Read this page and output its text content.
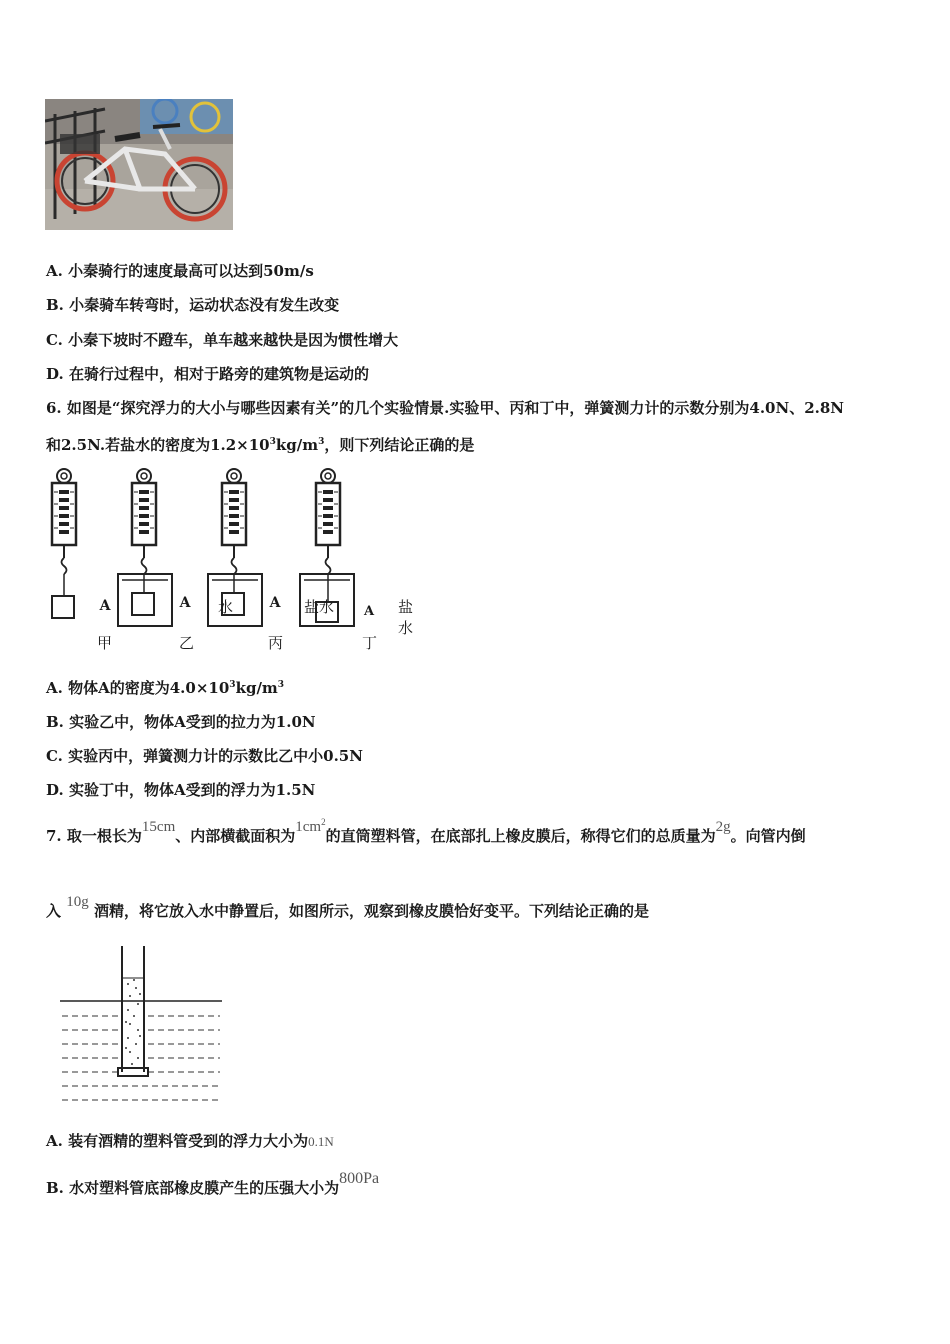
A. 小秦骑行的速度最高可以达到50m/s
B. 小秦骑车转弯时，运动状态没有发生改变
C. 小秦下坡时不蹬车，单车越来越快是因为惯性增大
D. 在骑行过程中，相对于路旁的建筑物是运动的
6. 如图是“探究浮力的大小与哪些因素有关”的几个实验情景.实验甲、丙和丁中，弹簧测力计的示数分别为4.0N、2.8N
和2.5N.若盐水的密度为$1.2\times 10^3kg/m^3$，则下列结论正确的是
A	A	A
A
水	盐水	盐水
甲	乙	丙	丁
A. 物体A的密度为$4.0\times 10^3kg/m^3$
B. 实验乙中，物体A受到的拉力为1.0N
C. 实验丙中，弹簧测力计的示数比乙中小0.5N
D. 实验丁中，物体A受到的浮力为1.5N
7. 取一根长为15cm、内部横截面积为$1cm^2$的直筒塑料管，在底部扎上橡皮膜后，称得它们的总质量为2g。向管内倒
入 10g 酒精，将它放入水中静置后，如图所示，观察到橡皮膜恰好变平。下列结论正确的是
A. 装有酒精的塑料管受到的浮力大小为0.1N
B. 水对塑料管底部橡皮膜产生的压强大小为800Pa
